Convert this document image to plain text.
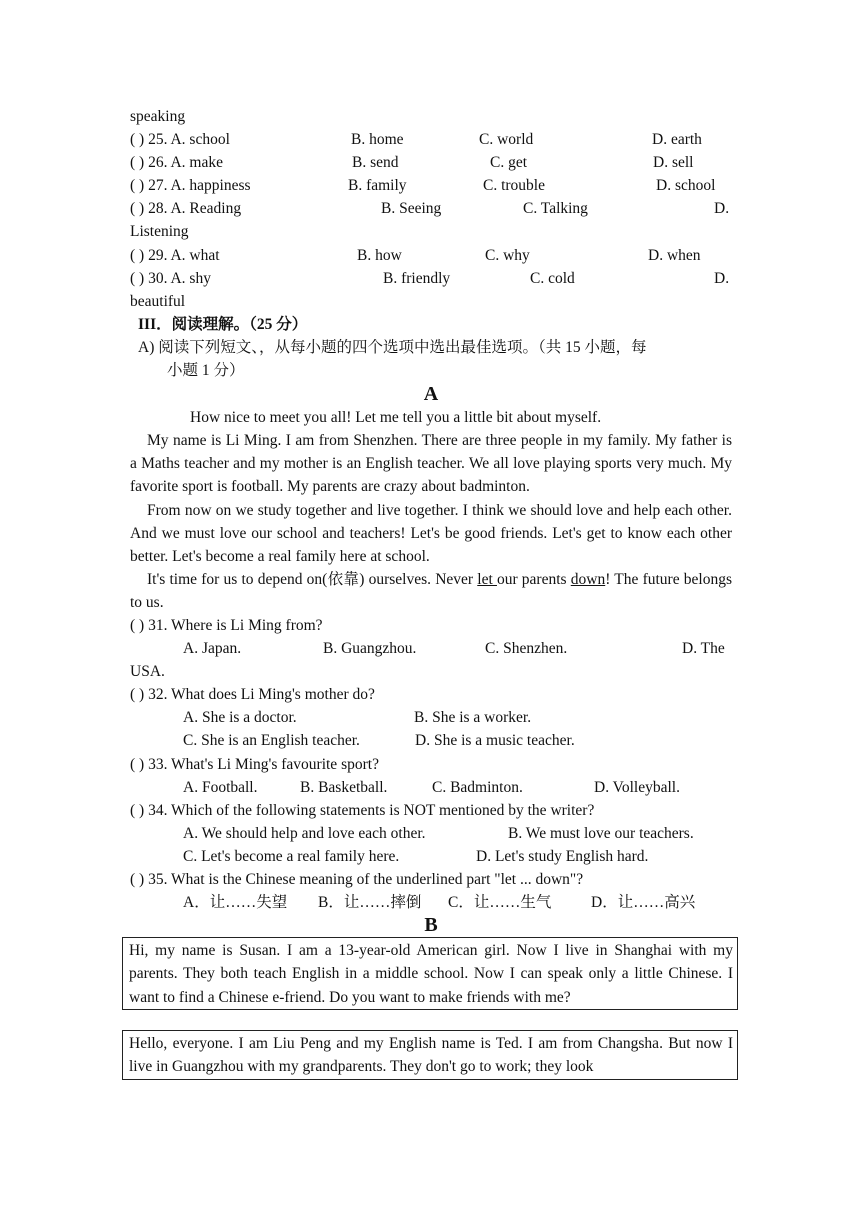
speaking
( ) 25. A. school	B. home	C. world	D. earth
( ) 26. A. make	B. send	C. get	D. sell
( ) 27. A. happiness	B. family	C. trouble	D. school
( ) 28. A. Reading	B. Seeing	C. Talking	D.
Listening
( ) 29. A. what	B. how	C. why	D. when
( ) 30. A. shy	B. friendly	C. cold	D.
beautiful
III．阅读理解。（25 分）
A) 阅读下列短文、，从每小题的四个选项中选出最佳选项。（共 15 小题，每
小题 1 分）
A
How nice to meet you all! Let me tell you a little bit about myself.
My name is Li Ming. I am from Shenzhen. There are three people in my family. My father is a Maths teacher and my mother is an English teacher. We all love playing sports very much. My favorite sport is football. My parents are crazy about badminton.
From now on we study together and live together. I think we should love and help each other. And we must love our school and teachers! Let's be good friends. Let's get to know each other better. Let's become a real family here at school.
It's time for us to depend on(依靠) ourselves. Never let our parents down! The future belongs to us.
( ) 31. Where is Li Ming from?
A. Japan.	B. Guangzhou.	C. Shenzhen.	D. The
USA.
( ) 32. What does Li Ming's mother do?
A. She is a doctor.	B. She is a worker.
C. She is an English teacher.	D. She is a music teacher.
( ) 33. What's Li Ming's favourite sport?
A. Football.	B. Basketball.	C. Badminton.	D. Volleyball.
( ) 34. Which of the following statements is NOT mentioned by the writer?
A. We should help and love each other.	B. We must love our teachers.
C. Let's become a real family here.	D. Let's study English hard.
( ) 35. What is the Chinese meaning of the underlined part "let ... down"?
A．让……失望 B．让……摔倒 C．让……生气	D．让……高兴
B
Hi, my name is Susan. I am a 13-year-old American girl. Now I live in Shanghai with my parents. They both teach English in a middle school. Now I can speak only a little Chinese. I want to find a Chinese e-friend. Do you want to make friends with me?
Hello, everyone. I am Liu Peng and my English name is Ted. I am from Changsha. But now I live in Guangzhou with my grandparents. They don't go to work; they look
